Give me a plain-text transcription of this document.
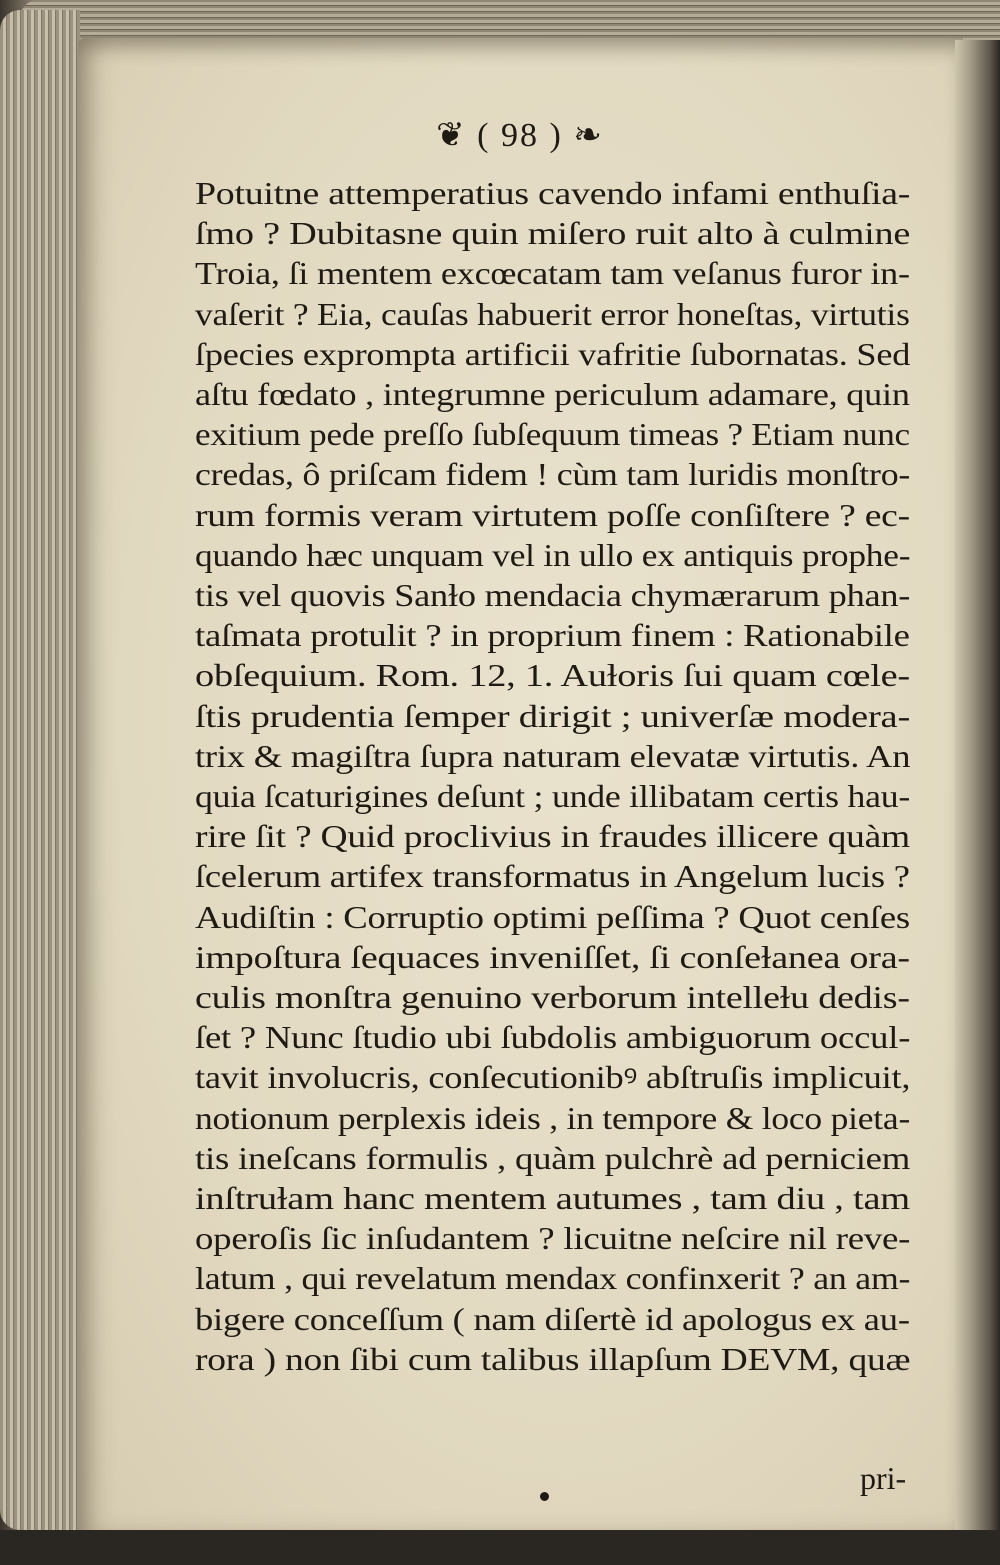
❦ ( 98 ) ❧
Potuitne attemperatius cavendo infami enthuſia-
ſmo ? Dubitasne quin miſero ruit alto à culmine
Troia, ſi mentem excœcatam tam veſanus furor in-
vaſerit ? Eia, cauſas habuerit error honeſtas, virtutis
ſpecies exprompta artificii vafritie ſubornatas. Sed
aſtu fœdato , integrumne periculum adamare, quin
exitium pede preſſo ſubſequum timeas ? Etiam nunc
credas, ô priſcam fidem ! cùm tam luridis monſtro-
rum formis veram virtutem poſſe conſiſtere ? ec-
quando hæc unquam vel in ullo ex antiquis prophe-
tis vel quovis Sanɫo mendacia chymærarum phan-
taſmata protulit ? in proprium finem : Rationabile
obſequium. Rom. 12, 1. Auɫoris ſui quam cœle-
ſtis prudentia ſemper dirigit ; univerſæ modera-
trix & magiſtra ſupra naturam elevatæ virtutis. An
quia ſcaturigines deſunt ; unde illibatam certis hau-
rire ſit ? Quid proclivius in fraudes illicere quàm
ſcelerum artifex transformatus in Angelum lucis ?
Audiſtin : Corruptio optimi peſſima ? Quot cenſes
impoſtura ſequaces inveniſſet, ſi conſeɫanea ora-
culis monſtra genuino verborum intelleɫu dedis-
ſet ? Nunc ſtudio ubi ſubdolis ambiguorum occul-
tavit involucris, conſecutionibꝰ abſtruſis implicuit,
notionum perplexis ideis , in tempore & loco pieta-
tis ineſcans formulis , quàm pulchrè ad perniciem
inſtruɫam hanc mentem autumes , tam diu , tam
operoſis ſic inſudantem ? licuitne neſcire nil reve-
latum , qui revelatum mendax confinxerit ? an am-
bigere conceſſum ( nam diſertè id apologus ex au-
rora ) non ſibi cum talibus illapſum DEVM, quæ
pri-
